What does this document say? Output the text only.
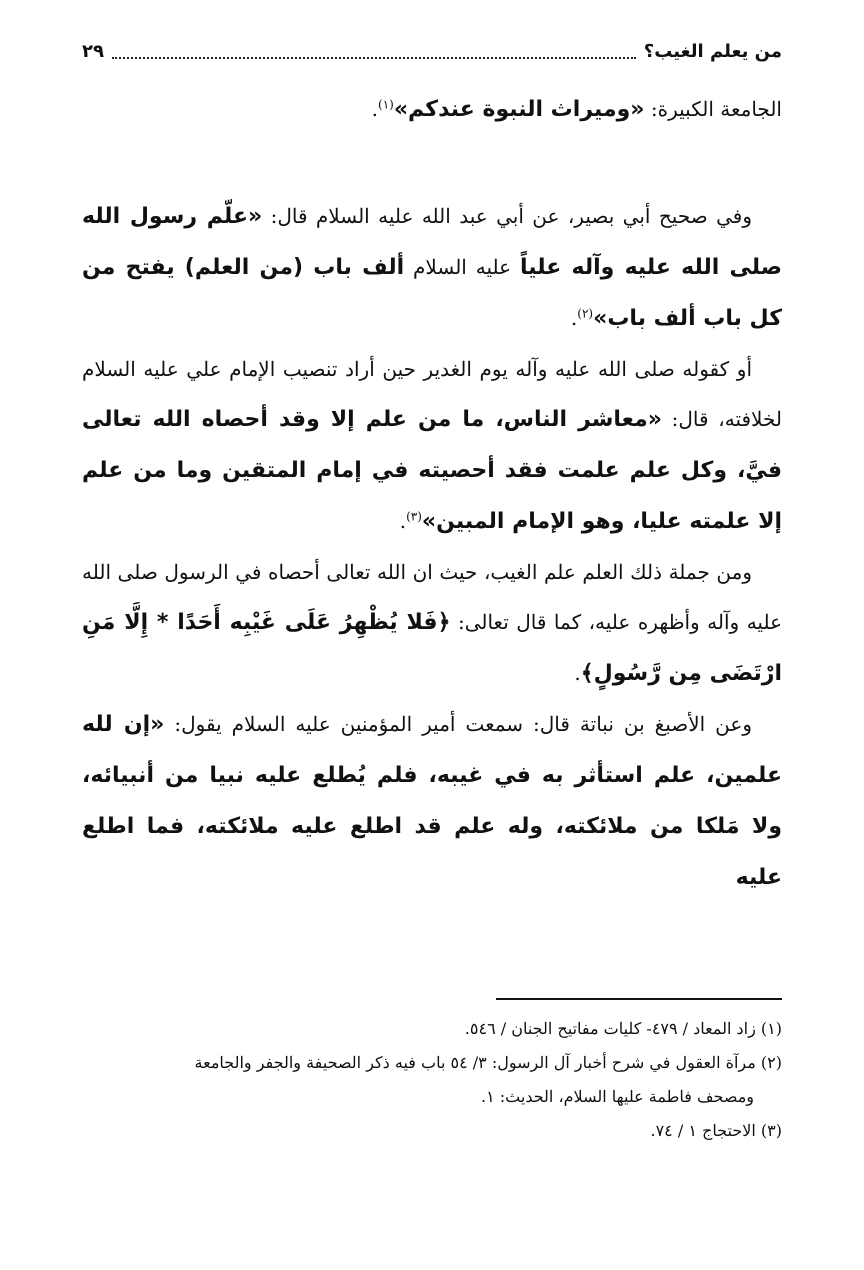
من يعلم الغيب؟
٢٩

الجامعة الكبيرة: «وميراث النبوة عندكم»$^{(١)}$.

وفي صحيح أبي بصير، عن أبي عبد الله عليه السلام قال: «علّم رسول الله صلى الله عليه وآله علياً عليه السلام ألف باب (من العلم) يفتح من كل باب ألف باب»$^{(٢)}$.

أو كقوله صلى الله عليه وآله يوم الغدير حين أراد تنصيب الإمام علي عليه السلام لخلافته، قال: «معاشر الناس، ما من علم إلا وقد أحصاه الله تعالى فيَّ، وكل علم علمت فقد أحصيته في إمام المتقين وما من علم إلا علمته عليا، وهو الإمام المبين»$^{(٣)}$.

ومن جملة ذلك العلم علم الغيب، حيث ان الله تعالى أحصاه في الرسول صلى الله عليه وآله وأظهره عليه، كما قال تعالى: ﴿فَلا يُظْهِرُ عَلَى غَيْبِه أَحَدًا * إِلَّا مَنِ ارْتَضَى مِن رَّسُولٍ﴾.

وعن الأصبغ بن نباتة قال: سمعت أمير المؤمنين عليه السلام يقول: «إن لله علمين، علم استأثر به في غيبه، فلم يُطلع عليه نبيا من أنبيائه، ولا مَلكا من ملائكته، وله علم قد اطلع عليه ملائكته، فما اطلع عليه

(١) زاد المعاد / ٤٧٩- كليات مفاتيح الجنان / ٥٤٦.

(٢) مرآة العقول في شرح أخبار آل الرسول: ٣/ ٥٤ باب فيه ذكر الصحيفة والجفر والجامعة

ومصحف فاطمة عليها السلام، الحديث: ١.

(٣) الاحتجاج ١ / ٧٤.
